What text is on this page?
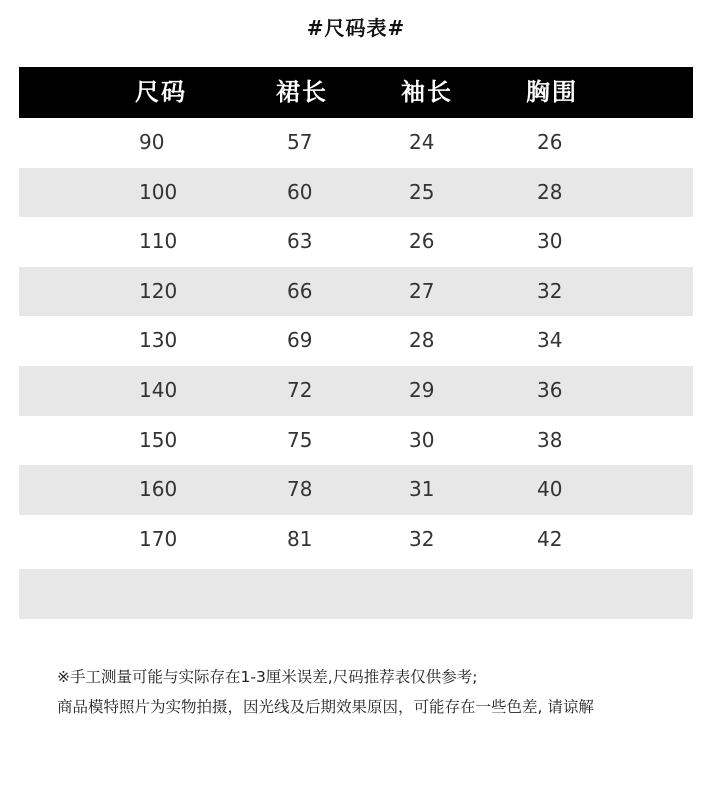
#尺码表#
尺码	裙长	袖长	胸围
90	57	24	26
100	60	25	28
110	63	26	30
120	66	27	32
130	69	28	34
140	72	29	36
150	75	30	38
160	78	31	40
170	81	32	42
※手工测量可能与实际存在1-3厘米误差,尺码推荐表仅供参考;
商品模特照片为实物拍摄，因光线及后期效果原因，可能存在一些色差, 请谅解
